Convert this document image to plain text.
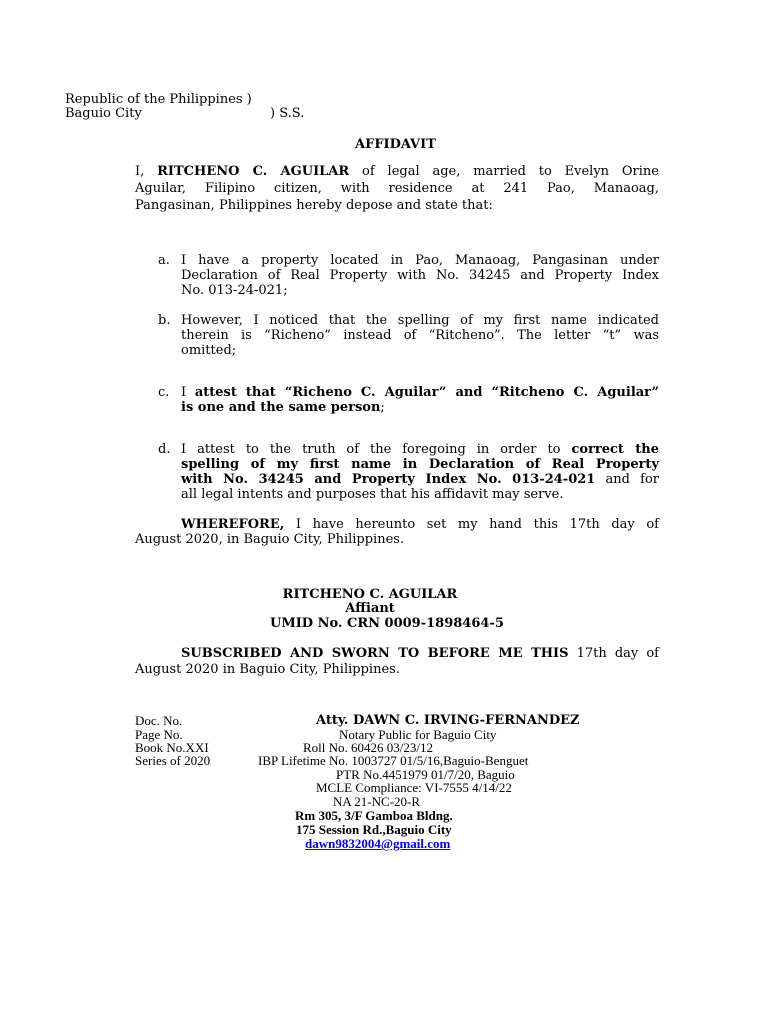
Republic of the Philippines )
Baguio City	) S.S.
AFFIDAVIT
I, RITCHENO C. AGUILAR of legal age, married to Evelyn Orine
Aguilar, Filipino citizen, with residence at 241 Pao, Manaoag,
Pangasinan, Philippines hereby depose and state that:
a. I have a property located in Pao, Manaoag, Pangasinan under
Declaration of Real Property with No. 34245 and Property Index
No. 013-24-021;
b. However, I noticed that the spelling of my first name indicated
therein is “Richeno” instead of “Ritcheno”. The letter “t” was
omitted;
c. I attest that “Richeno C. Aguilar” and “Ritcheno C. Aguilar”
is one and the same person;
d. I attest to the truth of the foregoing in order to correct the
spelling of my first name in Declaration of Real Property
with No. 34245 and Property Index No. 013-24-021 and for
all legal intents and purposes that his affidavit may serve.
WHEREFORE, I have hereunto set my hand this 17th day of
August 2020, in Baguio City, Philippines.
RITCHENO C. AGUILAR
Affiant
UMID No. CRN 0009-1898464-5
SUBSCRIBED AND SWORN TO BEFORE ME THIS 17th day of
August 2020 in Baguio City, Philippines.
Doc. No.
Page No.
Book No.XXI
Series of 2020
Atty. DAWN C. IRVING-FERNANDEZ
Notary Public for Baguio City
Roll No. 60426 03/23/12
IBP Lifetime No. 1003727 01/5/16,Baguio-Benguet
PTR No.4451979 01/7/20, Baguio
MCLE Compliance: VI-7555 4/14/22
NA 21-NC-20-R
Rm 305, 3/F Gamboa Bldng.
175 Session Rd.,Baguio City
dawn9832004@gmail.com
